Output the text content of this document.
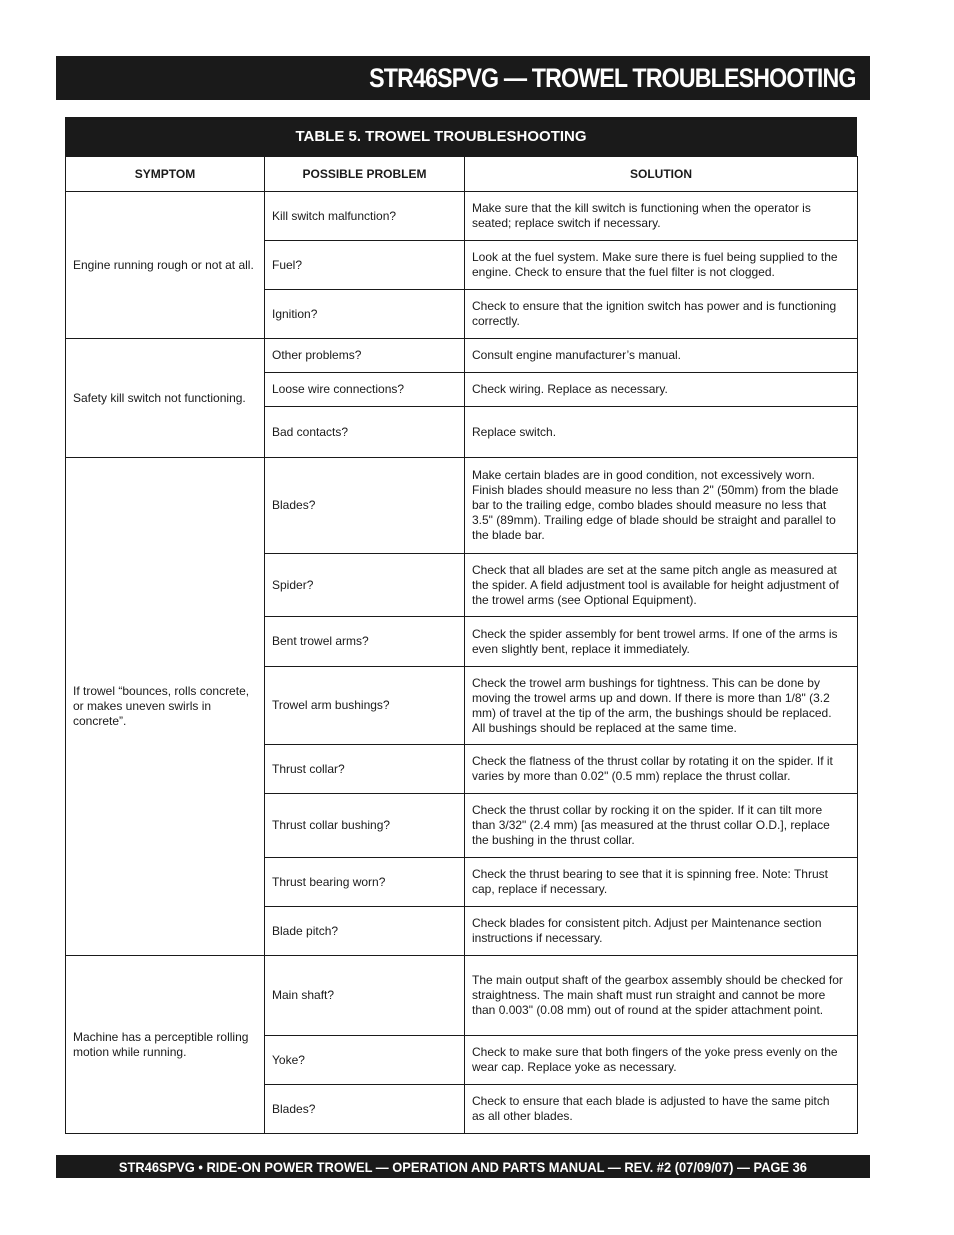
STR46SPVG — TROWEL TROUBLESHOOTING
TABLE 5. TROWEL TROUBLESHOOTING
SYMPTOM	POSSIBLE PROBLEM	SOLUTION
Engine running rough or not at all.	Kill switch malfunction?	Make sure that the kill switch is functioning when the operator is seated; replace switch if necessary.
	Fuel?	Look at the fuel system. Make sure there is fuel being supplied to the engine. Check to ensure that the fuel filter is not clogged.
	Ignition?	Check to ensure that the ignition switch has power and is functioning correctly.
Safety kill switch not functioning.	Other problems?	Consult engine manufacturer’s manual.
	Loose wire connections?	Check wiring. Replace as necessary.
	Bad contacts?	Replace switch.
If trowel “bounces, rolls concrete, or makes uneven swirls in concrete”.	Blades?	Make certain blades are in good condition, not excessively worn. Finish blades should measure no less than 2" (50mm) from the blade bar to the trailing edge, combo blades should measure no less that 3.5" (89mm). Trailing edge of blade should be straight and parallel to the blade bar.
	Spider?	Check that all blades are set at the same pitch angle as measured at the spider. A field adjustment tool is available for height adjustment of the trowel arms (see Optional Equipment).
	Bent trowel arms?	Check the spider assembly for bent trowel arms. If one of the arms is even slightly bent, replace it immediately.
	Trowel arm bushings?	Check the trowel arm bushings for tightness. This can be done by moving the trowel arms up and down. If there is more than 1/8" (3.2 mm) of travel at the tip of the arm, the bushings should be replaced. All bushings should be replaced at the same time.
	Thrust collar?	Check the flatness of the thrust collar by rotating it on the spider. If it varies by more than 0.02" (0.5 mm) replace the thrust collar.
	Thrust collar bushing?	Check the thrust collar by rocking it on the spider. If it can tilt more than 3/32" (2.4 mm) [as measured at the thrust collar O.D.], replace the bushing in the thrust collar.
	Thrust bearing worn?	Check the thrust bearing to see that it is spinning free. Note: Thrust cap, replace if necessary.
	Blade pitch?	Check blades for consistent pitch. Adjust per Maintenance section instructions if necessary.
Machine has a perceptible rolling motion while running.	Main shaft?	The main output shaft of the gearbox assembly should be checked for straightness. The main shaft must run straight and cannot be more than 0.003" (0.08 mm) out of round at the spider attachment point.
	Yoke?	Check to make sure that both fingers of the yoke press evenly on the wear cap. Replace yoke as necessary.
	Blades?	Check to ensure that each blade is adjusted to have the same pitch as all other blades.
STR46SPVG • RIDE-ON POWER TROWEL — OPERATION AND PARTS MANUAL — REV. #2 (07/09/07) — PAGE 36
